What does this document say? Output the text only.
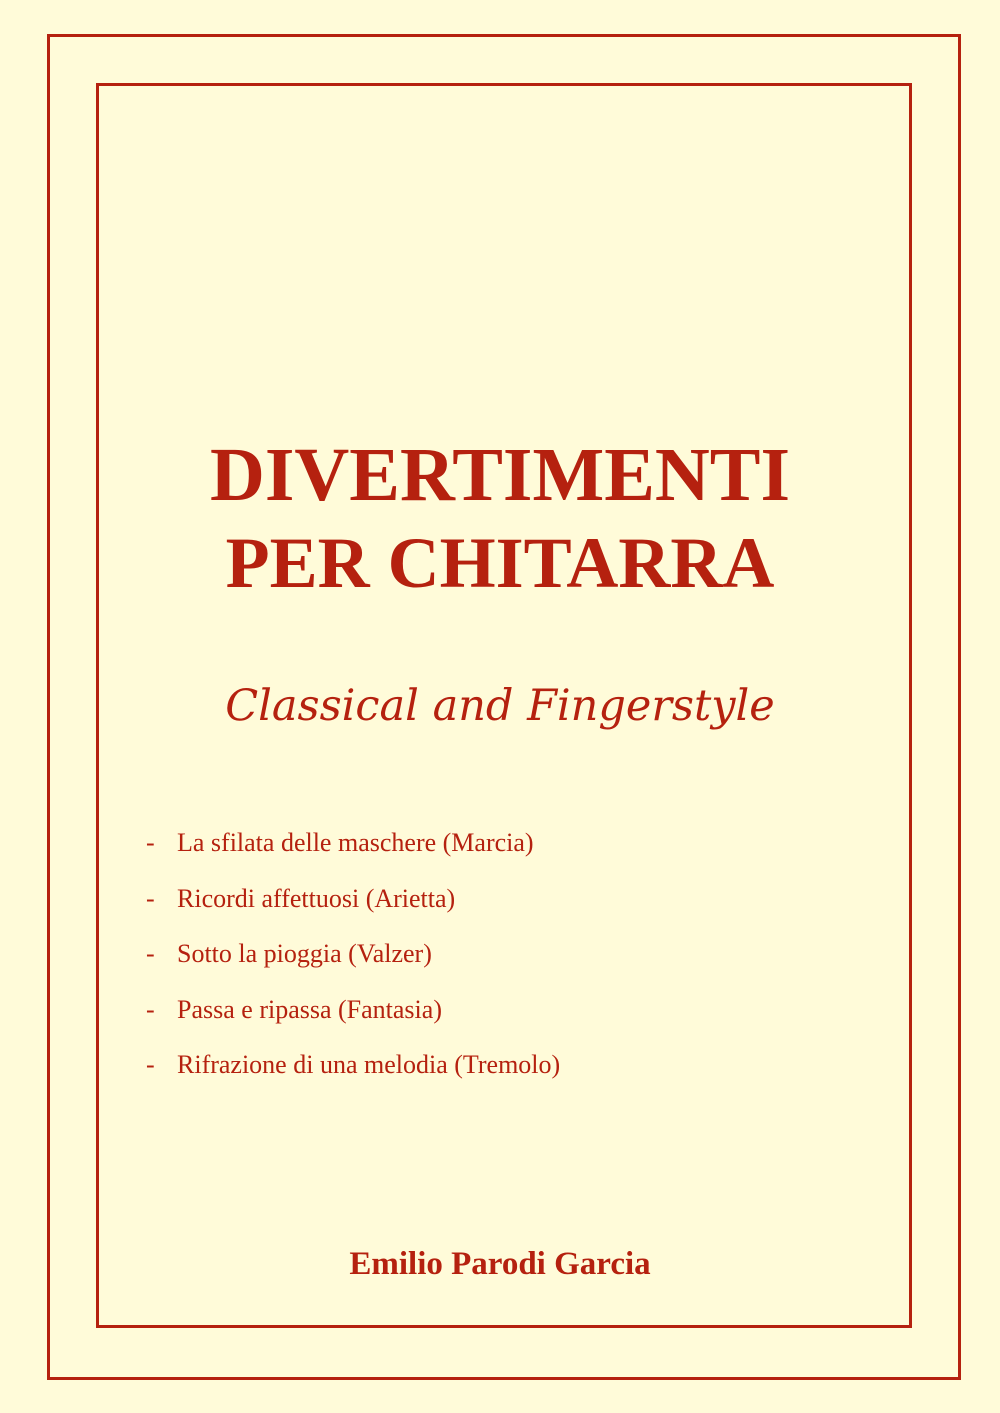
DIVERTIMENTI
PER CHITARRA
Classical and Fingerstyle
- La sfilata delle maschere (Marcia)
- Ricordi affettuosi (Arietta)
- Sotto la pioggia (Valzer)
- Passa e ripassa (Fantasia)
- Rifrazione di una melodia (Tremolo)
Emilio Parodi Garcia
